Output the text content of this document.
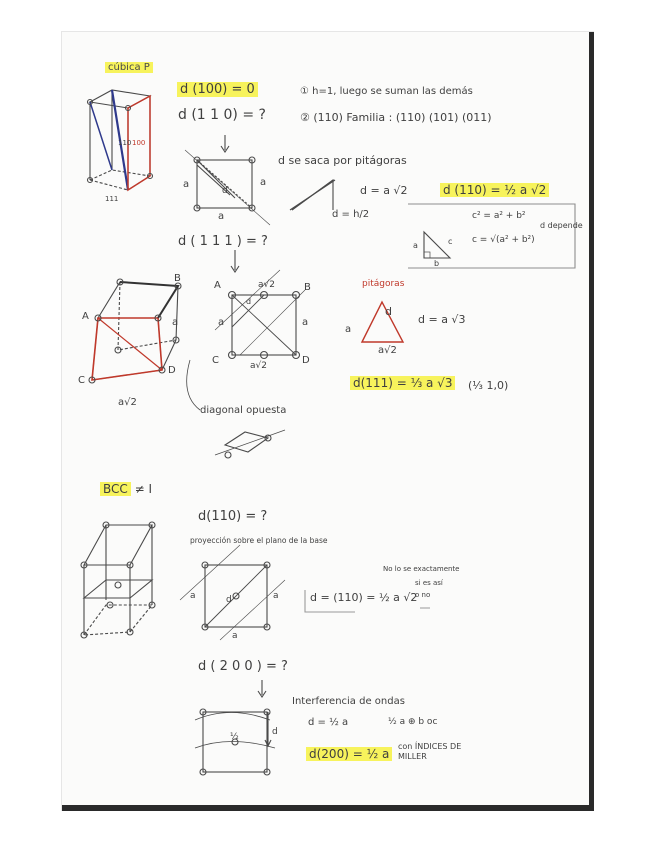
cúbica P
d (100) = 0	① h=1, luego se suman las demás
② (110) Familia : (110) (101) (011)
d (1 1 0) = ?
110 100
111
a	a
a
d
d se saca por pitágoras
d = a √2
d = h/2
d (110) = ½ a √2
c² = a² + b²
c = √(a² + b²)
d depende
a	c
b
d ( 1 1 1 ) = ?
A
B
C
D
a
a√2
A	B
C	D
a√2
a√2
a	a
d
pitágoras
a
d
a√2
d = a √3
d(111) = ⅓ a √3 (⅓ 1,0)
diagonal opuesta
BCC ≠ I
d(110) = ?
proyección sobre el plano de la base
a	a
a
d	d = (110) = ½ a √2
No lo se exactamente
si es así
o no
d ( 2 0 0 ) = ?
Interferencia de ondas
d = ½ a	½ a ⊕ b oc
½	d
d(200) = ½ a
con ÍNDICES DE MILLER
